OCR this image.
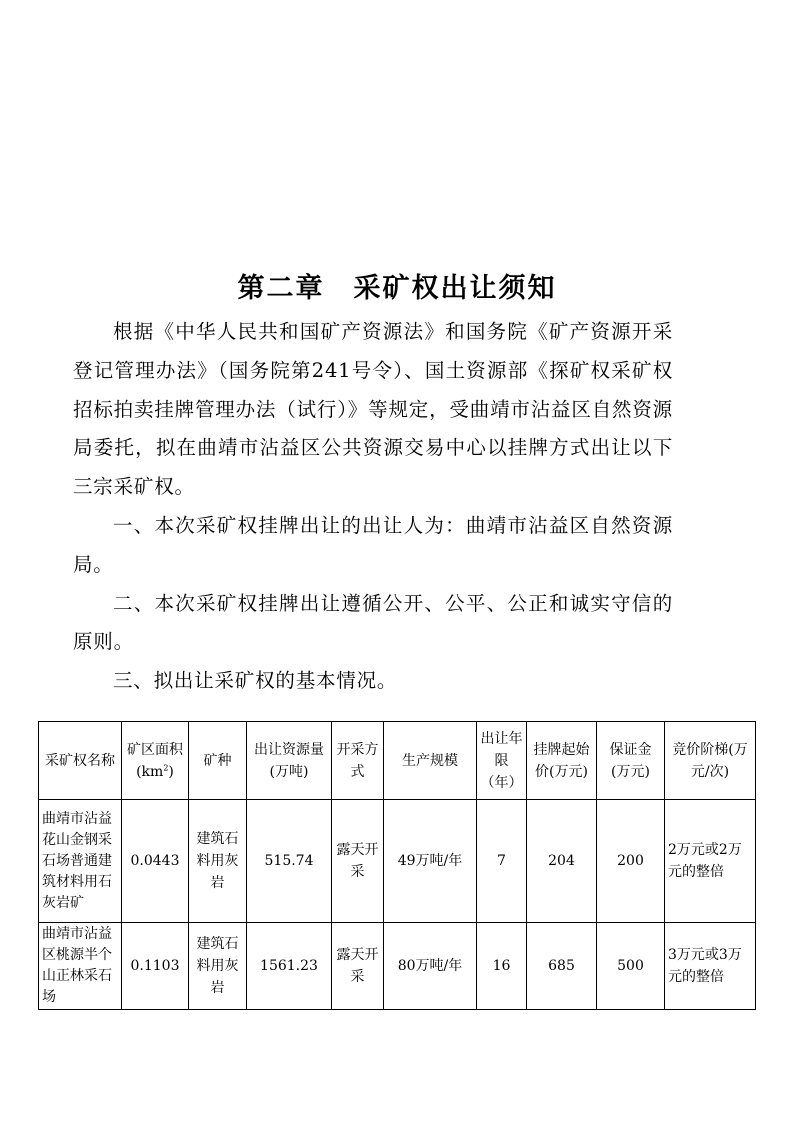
第二章　采矿权出让须知

根据《中华人民共和国矿产资源法》和国务院《矿产资源开采登记管理办法》（国务院第241号令）、国土资源部《探矿权采矿权招标拍卖挂牌管理办法（试行）》等规定，受曲靖市沾益区自然资源局委托，拟在曲靖市沾益区公共资源交易中心以挂牌方式出让以下三宗采矿权。

一、本次采矿权挂牌出让的出让人为：曲靖市沾益区自然资源局。

二、本次采矿权挂牌出让遵循公开、公平、公正和诚实守信的原则。

三、拟出让采矿权的基本情况。

采矿权名称	矿区面积$(km^2)$	矿种	出让资源量(万吨)	开采方式	生产规模	出让年限（年）	挂牌起始价(万元)	保证金(万元)	竞价阶梯(万元/次)
曲靖市沾益花山金钢采石场普通建筑材料用石灰岩矿	0.0443	建筑石料用灰岩	515.74	露天开采	49万吨/年	7	204	200	2万元或2万元的整倍
曲靖市沾益区桃源半个山正林采石场	0.1103	建筑石料用灰岩	1561.23	露天开采	80万吨/年	16	685	500	3万元或3万元的整倍
